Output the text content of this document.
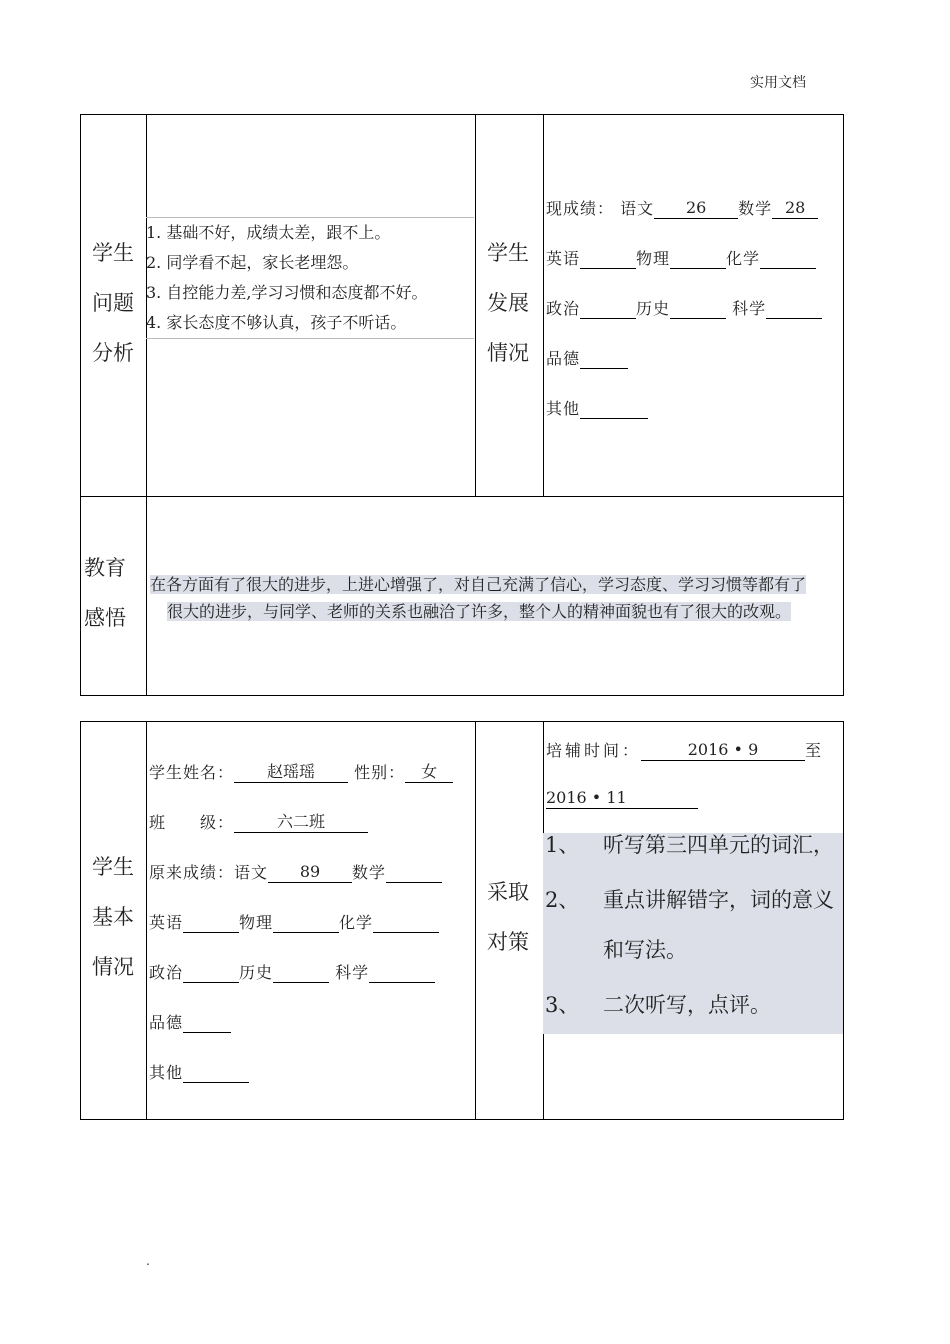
实用文档
学生
问题
分析
1. 基础不好，成绩太差，跟不上。
2. 同学看不起，家长老埋怨。
3. 自控能力差,学习习惯和态度都不好。
4. 家长态度不够认真，孩子不听话。
学生
发展
情况
现成绩： 语文 26 数学 28
英语	物理	化学
政治	历史	科学
品德
其他
教育
感悟
在各方面有了很大的进步，上进心增强了，对自己充满了信心，学习态度、学习习惯等都有了
很大的进步，与同学、老师的关系也融洽了许多，整个人的精神面貌也有了很大的改观。
学生
基本
情况
学生姓名： 赵瑶瑶 性别： 女
班　　级：	六二班
原来成绩：语文 89 数学
英语	物理	化学
政治	历史	科学
品德
其他
采取
对策
培辅时间：	2016 • 9	至
2016 • 11
1、 听写第三四单元的词汇，
2、 重点讲解错字，词的意义
和写法。
3、 二次听写，点评。
.
